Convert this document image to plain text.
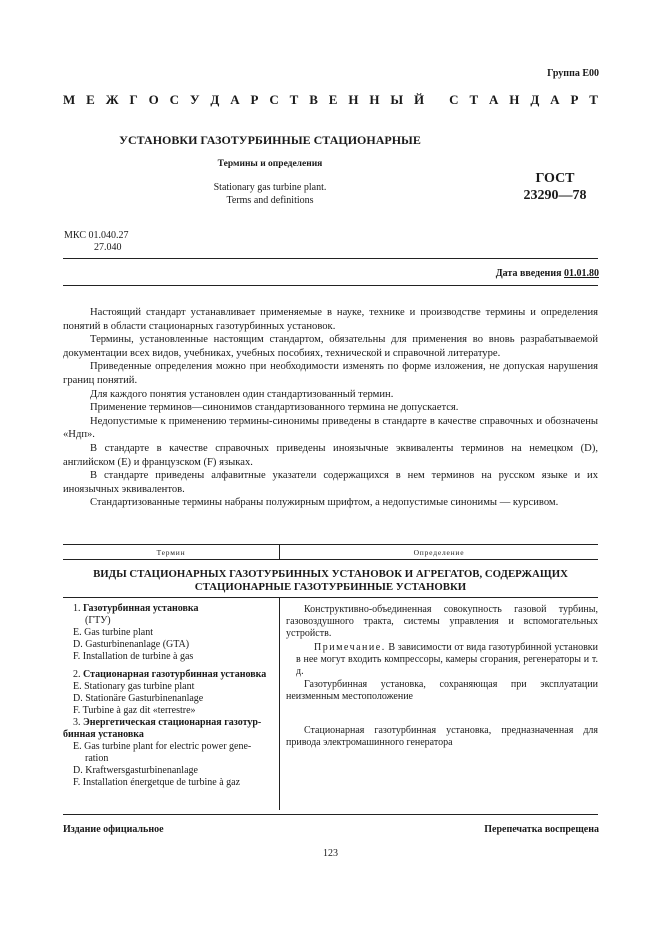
Группа Е00
М Е Ж Г О С У Д А Р С Т В Е Н Н Ы Й
С Т А Н Д А Р Т
УСТАНОВКИ ГАЗОТУРБИННЫЕ СТАЦИОНАРНЫЕ
Термины и определения
Stationary gas turbine plant.
Terms and definitions
ГОСТ
23290—78
МКС 01.040.27
27.040
Дата введения 01.01.80

Настоящий стандарт устанавливает применяемые в науке, технике и производстве термины и определения понятий в области стационарных газотурбинных установок.

Термины, установленные настоящим стандартом, обязательны для применения во вновь разрабатываемой документации всех видов, учебниках, учебных пособиях, технической и справочной литературе.

Приведенные определения можно при необходимости изменять по форме изложения, не допуская нарушения границ понятий.

Для каждого понятия установлен один стандартизованный термин.

Применение терминов—синонимов стандартизованного термина не допускается.

Недопустимые к применению термины-синонимы приведены в стандарте в качестве справочных и обозначены «Ндп».

В стандарте в качестве справочных приведены иноязычные эквиваленты терминов на немецком (D), английском (Е) и французском (F) языках.

В стандарте приведены алфавитные указатели содержащихся в нем терминов на русском языке и их иноязычных эквивалентов.

Стандартизованные термины набраны полужирным шрифтом, а недопустимые синонимы — курсивом.

Термин	Определение
ВИДЫ СТАЦИОНАРНЫХ ГАЗОТУРБИННЫХ УСТАНОВОК И АГРЕГАТОВ, СОДЕРЖАЩИХ
СТАЦИОНАРНЫЕ ГАЗОТУРБИННЫЕ УСТАНОВКИ
1. Газотурбинная установка
(ГТУ)
E. Gas turbine plant
D. Gasturbinenanlage (GTA)
F. Installation de turbine à gas
2. Стационарная газотурбинная установка
E. Stationary gas turbine plant
D. Stationäre Gasturbinenanlage
F. Turbine à gaz dit «terrestre»
3. Энергетическая стационарная газотур-
бинная установка
E. Gas turbine plant for electric power gene-
ration
D. Kraftwersgasturbinenanlage
F. Installation énergetque de turbine à gaz

Конструктивно-объединенная совокупность газовой турбины, газовоздушного тракта, системы управления и вспомогательных устройств.

Примечание. В зависимости от вида газотурбинной установки в нее могут входить компрессоры, камеры сгорания, регенераторы и т. д.

Газотурбинная установка, сохраняющая при эксплуатации неизменным местоположение

Стационарная газотурбинная установка, предназначенная для привода электромашинного генератора

Издание официальное	Перепечатка воспрещена
123
